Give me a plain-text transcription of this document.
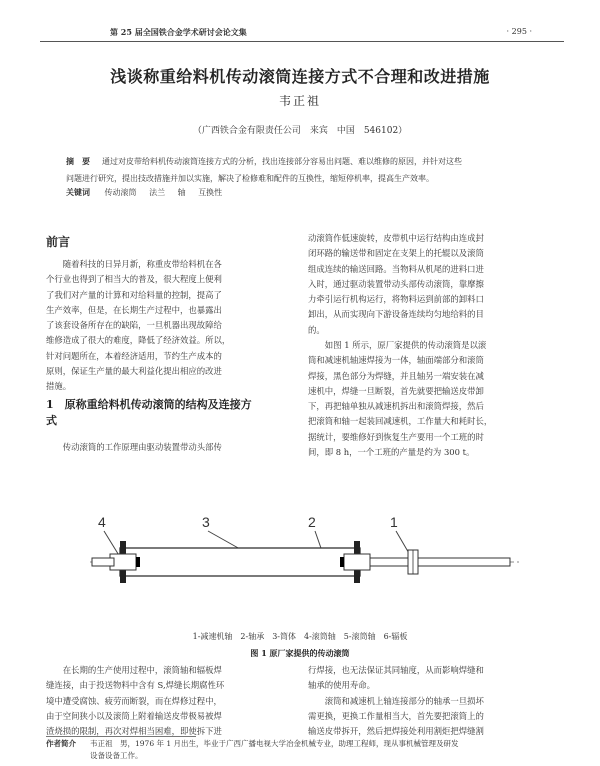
第 25 届全国铁合金学术研讨会论文集	· 295 ·
浅谈称重给料机传动滚筒连接方式不合理和改进措施
韦正祖
（广西铁合金有限责任公司　来宾　中国　546102）
摘　要 通过对皮带给料机传动滚筒连接方式的分析，找出连接部分容易出问题、难以维修的原因，并针对这些
问题进行研究，提出技改措施并加以实施，解决了检修难和配件的互换性，缩短停机率，提高生产效率。
关键词 传动滚筒 法兰 轴 互换性
前言
随着科技的日异月新，称重皮带给料机在各
个行业也得到了相当大的普及，很大程度上便利
了我们对产量的计算和对给料量的控制，提高了
生产效率，但是，在长期生产过程中，也暴露出
了该套设备所存在的缺陷，一旦机器出现故障给
维修造成了很大的难度，降低了经济效益。所以，
针对问题所在，本着经济适用，节约生产成本的
原则，保证生产量的最大利益化提出相应的改进
措施。
1　原称重给料机传动滚筒的结构及连接方
式
传动滚筒的工作原理由驱动装置带动头部传
动滚筒作低速旋转，皮带机中运行结构由连成封
闭环路的输送带和固定在支架上的托辊以及滚筒
组成连续的输送回路。当物料从机尾的进料口进
入时，通过驱动装置带动头部传动滚筒，靠摩擦
力牵引运行机构运行，将物料运到前部的卸料口
卸出，从而实现向下游设备连续均匀地给料的目
的。
如图 1 所示，原厂家提供的传动滚筒是以滚
筒和减速机轴速焊接为一体，轴面端部分和滚筒
焊接，黑色部分为焊缝，并且轴另一端安装在减
速机中，焊缝一旦断裂，首先就要把输送皮带卸
下，再把轴单独从减速机拆出和滚筒焊接，然后
把滚筒和轴一起装回减速机，工作量大和耗时长，
据统计，要维修好到恢复生产要用一个工班的时
间，即 8 h，一个工班的产量是约为 300 t。
4	3	2	1
1-减速机轴　2-轴承　3-筒体　4-滚筒轴　5-滚筒轴　6-辐板
图 1 原厂家提供的传动滚筒
在长期的生产使用过程中，滚筒轴和辐板焊
缝连接，由于投送物料中含有 S,焊缝长期腐性环
境中遭受腐蚀、疲劳而断裂，而在焊修过程中，
由于空间狭小以及滚筒上附着输送皮带极易被焊
渣烧损的限制，再次对焊相当困难，即使拆下进
行焊接，也无法保证其同轴度，从而影响焊缝和
轴承的使用寿命。
滚筒和减速机上轴连接部分的轴承一旦损坏
需更换，更换工作量相当大，首先要把滚筒上的
输送皮带拆开，然后把焊接处利用割炬把焊缝割
作者简介 韦正祖　男，1976 年 1 月出生，毕业于广西广播电视大学冶金机械专业，助理工程师，现从事机械管理及研发
设备设备工作。
